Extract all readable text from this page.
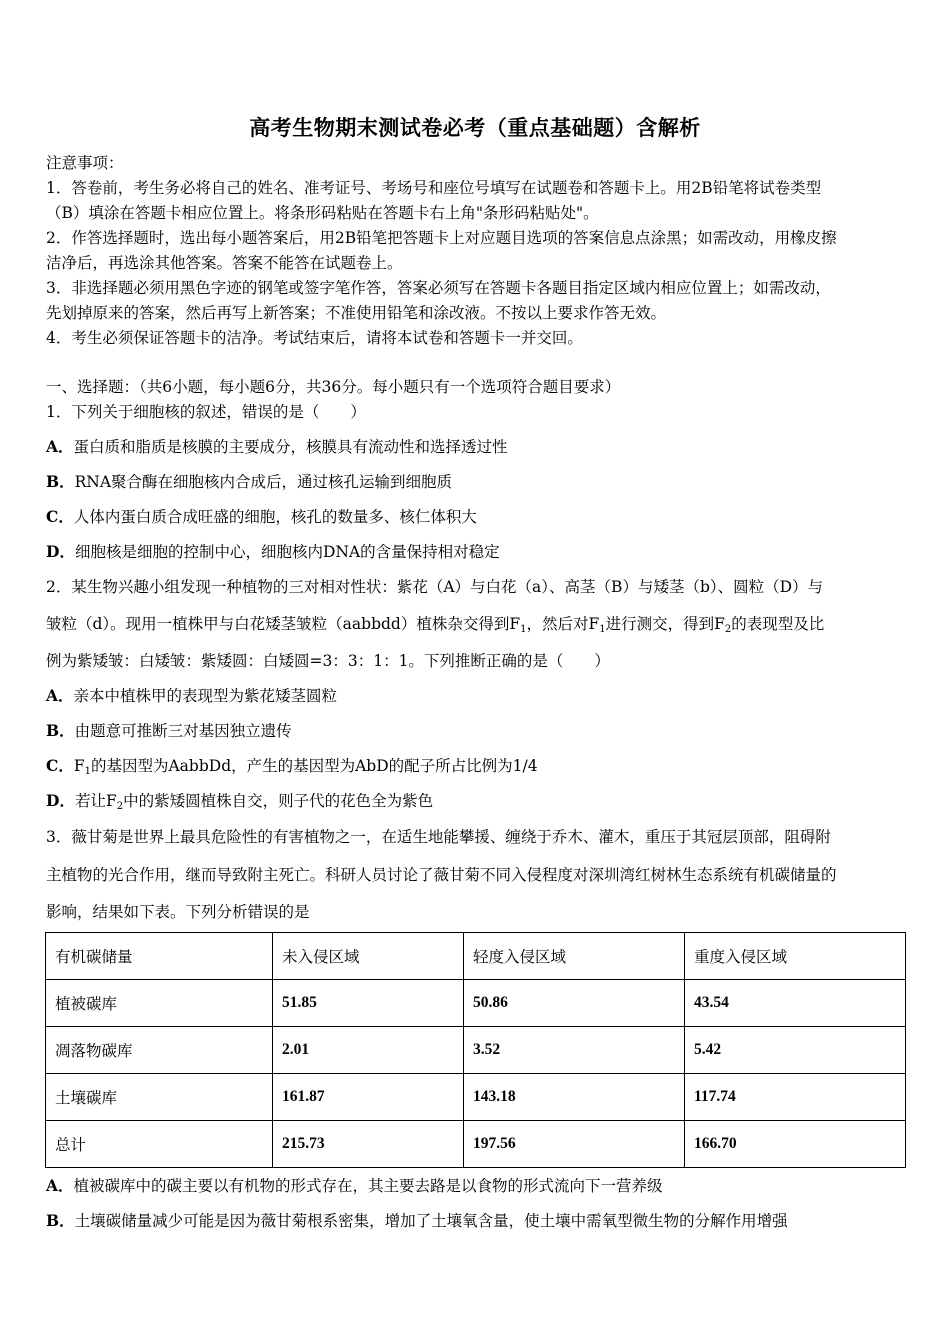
高考生物期末测试卷必考（重点基础题）含解析
注意事项：
1．答卷前，考生务必将自己的姓名、准考证号、考场号和座位号填写在试题卷和答题卡上。用2B铅笔将试卷类型
（B）填涂在答题卡相应位置上。将条形码粘贴在答题卡右上角"条形码粘贴处"。
2．作答选择题时，选出每小题答案后，用2B铅笔把答题卡上对应题目选项的答案信息点涂黑；如需改动，用橡皮擦
洁净后，再选涂其他答案。答案不能答在试题卷上。
3．非选择题必须用黑色字迹的钢笔或签字笔作答，答案必须写在答题卡各题目指定区域内相应位置上；如需改动，
先划掉原来的答案，然后再写上新答案；不准使用铅笔和涂改液。不按以上要求作答无效。
4．考生必须保证答题卡的洁净。考试结束后，请将本试卷和答题卡一并交回。
一、选择题：（共6小题，每小题6分，共36分。每小题只有一个选项符合题目要求）
1．下列关于细胞核的叙述，错误的是（　　）
A．蛋白质和脂质是核膜的主要成分，核膜具有流动性和选择透过性
B．RNA聚合酶在细胞核内合成后，通过核孔运输到细胞质
C．人体内蛋白质合成旺盛的细胞，核孔的数量多、核仁体积大
D．细胞核是细胞的控制中心，细胞核内DNA的含量保持相对稳定
2．某生物兴趣小组发现一种植物的三对相对性状：紫花（A）与白花（a）、高茎（B）与矮茎（b）、圆粒（D）与
皱粒（d）。现用一植株甲与白花矮茎皱粒（aabbdd）植株杂交得到$F_1$，然后对$F_1$进行测交，得到$F_2$的表现型及比
例为紫矮皱：白矮皱：紫矮圆：白矮圆=3：3：1：1。下列推断正确的是（　　）
A．亲本中植株甲的表现型为紫花矮茎圆粒
B．由题意可推断三对基因独立遗传
C．$F_1$的基因型为AabbDd，产生的基因型为AbD的配子所占比例为1/4
D．若让$F_2$中的紫矮圆植株自交，则子代的花色全为紫色
3．薇甘菊是世界上最具危险性的有害植物之一，在适生地能攀援、缠绕于乔木、灌木，重压于其冠层顶部，阻碍附
主植物的光合作用，继而导致附主死亡。科研人员讨论了薇甘菊不同入侵程度对深圳湾红树林生态系统有机碳储量的
影响，结果如下表。下列分析错误的是
有机碳储量	未入侵区域	轻度入侵区域	重度入侵区域
植被碳库	51.85	50.86	43.54
凋落物碳库	2.01	3.52	5.42
土壤碳库	161.87	143.18	117.74
总计	215.73	197.56	166.70
A．植被碳库中的碳主要以有机物的形式存在，其主要去路是以食物的形式流向下一营养级
B．土壤碳储量减少可能是因为薇甘菊根系密集，增加了土壤氧含量，使土壤中需氧型微生物的分解作用增强
